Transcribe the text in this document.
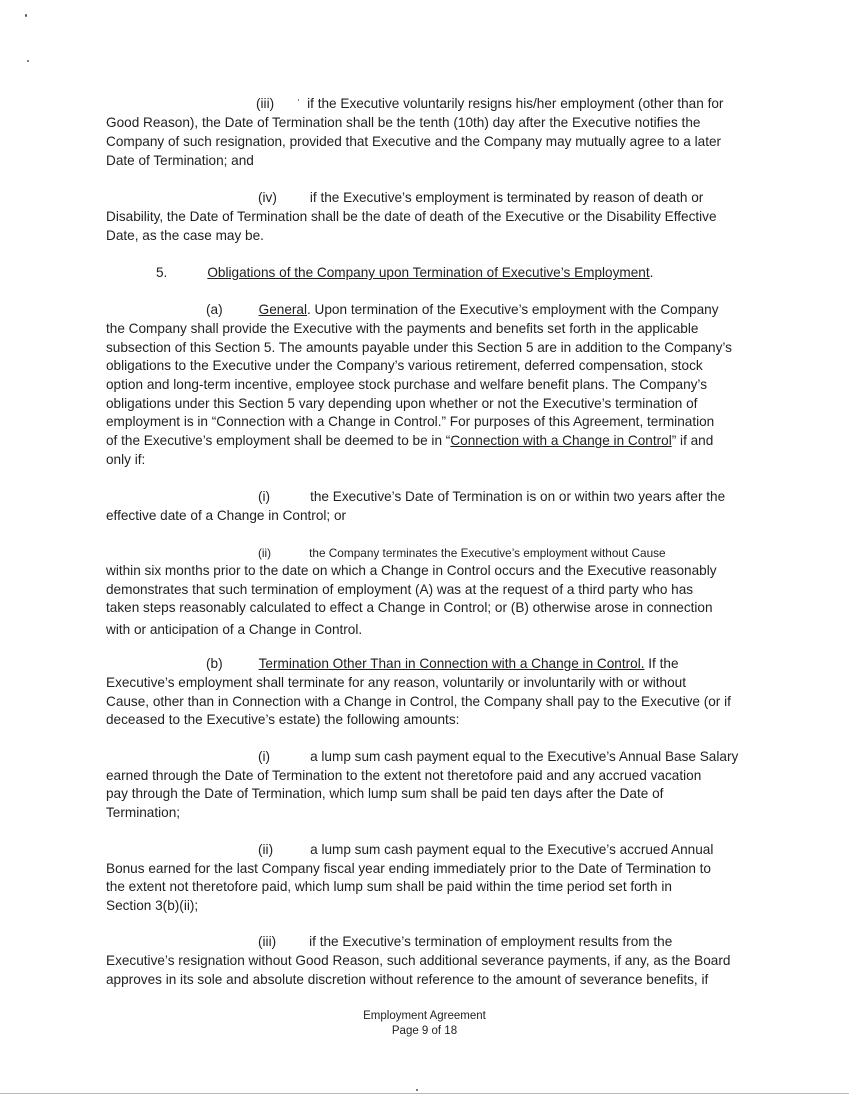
(iii) if the Executive voluntarily resigns his/her employment (other than for
Good Reason), the Date of Termination shall be the tenth (10th) day after the Executive notifies the
Company of such resignation, provided that Executive and the Company may mutually agree to a later
Date of Termination; and
(iv) if the Executive’s employment is terminated by reason of death or
Disability, the Date of Termination shall be the date of death of the Executive or the Disability Effective
Date, as the case may be.
5.	Obligations of the Company upon Termination of Executive’s Employment.
(a)	General. Upon termination of the Executive’s employment with the Company
the Company shall provide the Executive with the payments and benefits set forth in the applicable
subsection of this Section 5. The amounts payable under this Section 5 are in addition to the Company’s
obligations to the Executive under the Company’s various retirement, deferred compensation, stock
option and long-term incentive, employee stock purchase and welfare benefit plans. The Company’s
obligations under this Section 5 vary depending upon whether or not the Executive’s termination of
employment is in “Connection with a Change in Control.” For purposes of this Agreement, termination
of the Executive’s employment shall be deemed to be in “Connection with a Change in Control” if and
only if:
(i)	the Executive’s Date of Termination is on or within two years after the
effective date of a Change in Control; or
(ii)	the Company terminates the Executive’s employment without Cause
within six months prior to the date on which a Change in Control occurs and the Executive reasonably
demonstrates that such termination of employment (A) was at the request of a third party who has
taken steps reasonably calculated to effect a Change in Control; or (B) otherwise arose in connection
with or anticipation of a Change in Control.
(b)	Termination Other Than in Connection with a Change in Control. If the
Executive’s employment shall terminate for any reason, voluntarily or involuntarily with or without
Cause, other than in Connection with a Change in Control, the Company shall pay to the Executive (or if
deceased to the Executive’s estate) the following amounts:
(i)	a lump sum cash payment equal to the Executive’s Annual Base Salary
earned through the Date of Termination to the extent not theretofore paid and any accrued vacation
pay through the Date of Termination, which lump sum shall be paid ten days after the Date of
Termination;
(ii)	a lump sum cash payment equal to the Executive’s accrued Annual
Bonus earned for the last Company fiscal year ending immediately prior to the Date of Termination to
the extent not theretofore paid, which lump sum shall be paid within the time period set forth in
Section 3(b)(ii);
(iii) if the Executive’s termination of employment results from the
Executive’s resignation without Good Reason, such additional severance payments, if any, as the Board
approves in its sole and absolute discretion without reference to the amount of severance benefits, if
Employment Agreement
Page 9 of 18
